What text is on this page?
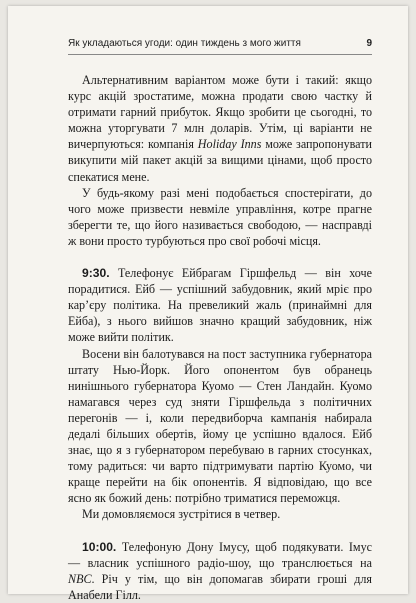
Як укладаються угоди: один тиждень з мого життя	9

Альтернативним варіантом може бути і такий: якщо курс акцій зростатиме, можна продати свою частку й отримати гарний прибуток. Якщо зробити це сьогодні, то можна уторгувати 7 млн доларів. Утім, ці варіанти не вичерпуються: компанія Holiday Inns може запропонувати викупити мій пакет акцій за вищими цінами, щоб просто спекатися мене.

У будь-якому разі мені подобається спостерігати, до чого може призвести невміле управління, котре прагне зберегти те, що його називається свободою, — насправді ж вони просто турбуються про свої робочі місця.

9:30. Телефонує Ейбрагам Гіршфельд — він хоче порадитися. Ейб — успішний забудовник, який мріє про кар’єру політика. На превеликий жаль (принаймні для Ейба), з нього вийшов значно кращий забудовник, ніж може вийти політик.

Восени він балотувався на пост заступника губернатора штату Нью-Йорк. Його опонентом був обранець нинішнього губернатора Куомо — Стен Ландайн. Куомо намагався через суд зняти Гіршфельда з політичних перегонів — і, коли передвиборча кампанія набирала дедалі більших обертів, йому це успішно вдалося. Ейб знає, що я з губернатором перебуваю в гарних стосунках, тому радиться: чи варто підтримувати партію Куомо, чи краще перейти на бік опонентів. Я відповідаю, що все ясно як божий день: потрібно триматися переможця.

Ми домовляємося зустрітися в четвер.

10:00. Телефоную Дону Імусу, щоб подякувати. Імус — власник успішного радіо-шоу, що транслюється на NBC. Річ у тім, що він допомагав збирати гроші для Анабели Гілл.
